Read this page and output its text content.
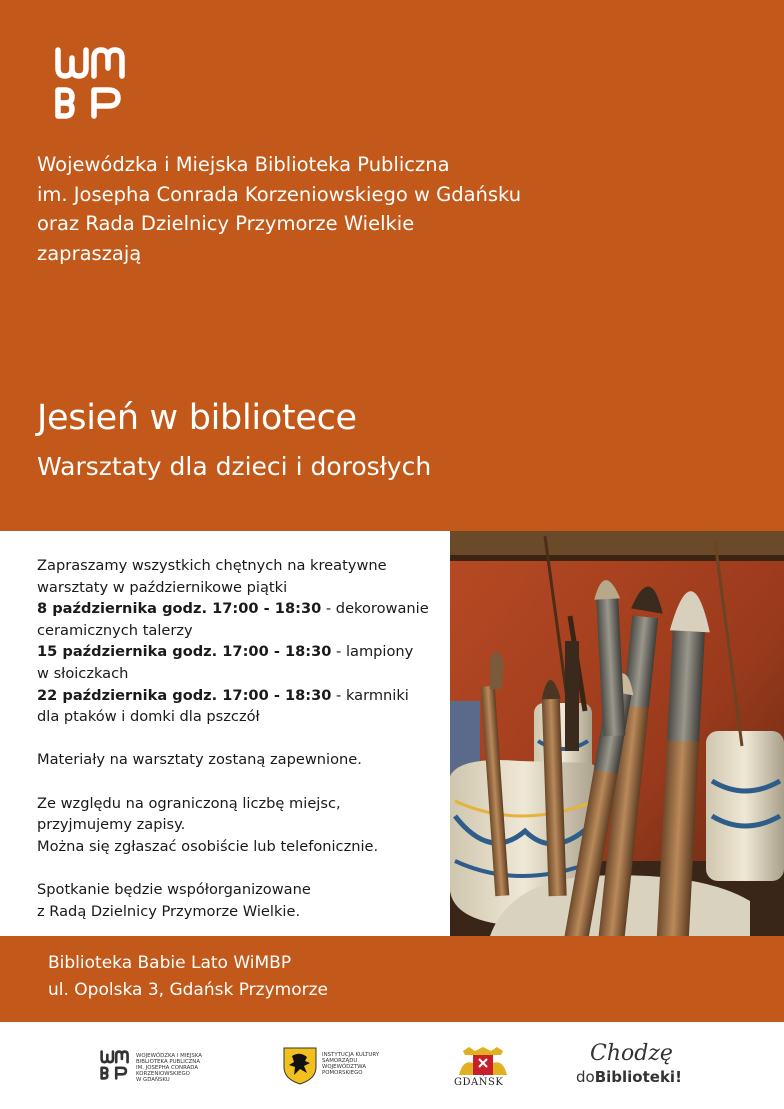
Wojewódzka i Miejska Biblioteka Publiczna
im. Josepha Conrada Korzeniowskiego w Gdańsku
oraz Rada Dzielnicy Przymorze Wielkie
zapraszają
Jesień w bibliotece
Warsztaty dla dzieci i dorosłych

Zapraszamy wszystkich chętnych na kreatywne

warsztaty w październikowe piątki

8 października godz. 17:00 - 18:30 - dekorowanie

ceramicznych talerzy

15 października godz. 17:00 - 18:30 - lampiony

w słoiczkach

22 października godz. 17:00 - 18:30 - karmniki

dla ptaków i domki dla pszczół

Materiały na warsztaty zostaną zapewnione.

Ze względu na ograniczoną liczbę miejsc,

przyjmujemy zapisy.

Można się zgłaszać osobiście lub telefonicznie.

Spotkanie będzie współorganizowane

z Radą Dzielnicy Przymorze Wielkie.

Biblioteka Babie Lato WiMBP
ul. Opolska 3, Gdańsk Przymorze
WOJEWÓDZKA I MIEJSKA
BIBLIOTEKA PUBLICZNA
IM. JOSEPHA CONRADA
KORZENIOWSKIEGO
W GDAŃSKU
INSTYTUCJA KULTURY
SAMORZĄDU
WOJEWÓDZTWA
POMORSKIEGO
GDAŃSK
Chodzę
doBiblioteki!
